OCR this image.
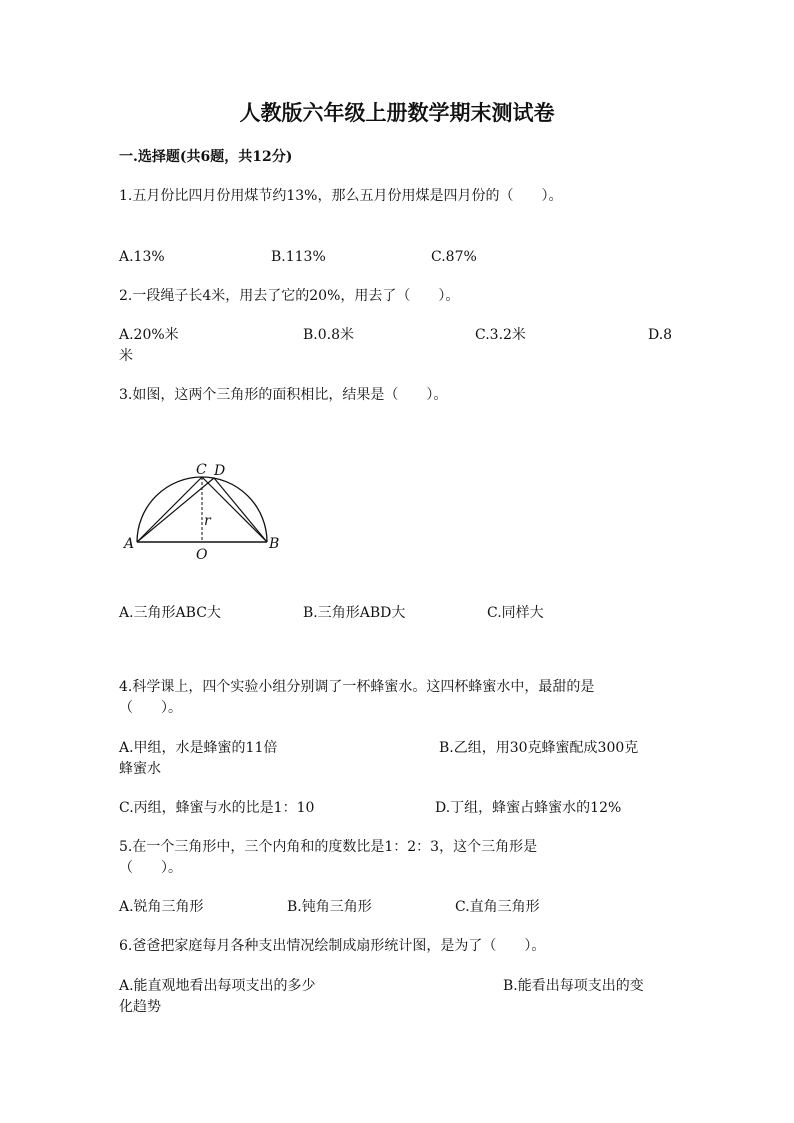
人教版六年级上册数学期末测试卷
一.选择题(共6题，共12分)
1.五月份比四月份用煤节约13%，那么五月份用煤是四月份的（　　）。
A.13%	B.113%	C.87%
2.一段绳子长4米，用去了它的20%，用去了（　　）。
A.20%米	B.0.8米	C.3.2米	D.8
米
3.如图，这两个三角形的面积相比，结果是（　　）。
A	B
C D
O
r
A.三角形ABC大	B.三角形ABD大	C.同样大
4.科学课上，四个实验小组分别调了一杯蜂蜜水。这四杯蜂蜜水中，最甜的是
（　　）。
A.甲组，水是蜂蜜的11倍	B.乙组，用30克蜂蜜配成300克
蜂蜜水
C.丙组，蜂蜜与水的比是1：10	D.丁组，蜂蜜占蜂蜜水的12%
5.在一个三角形中，三个内角和的度数比是1：2：3，这个三角形是
（　　）。
A.锐角三角形	B.钝角三角形	C.直角三角形
6.爸爸把家庭每月各种支出情况绘制成扇形统计图，是为了（　　）。
A.能直观地看出每项支出的多少	B.能看出每项支出的变
化趋势
